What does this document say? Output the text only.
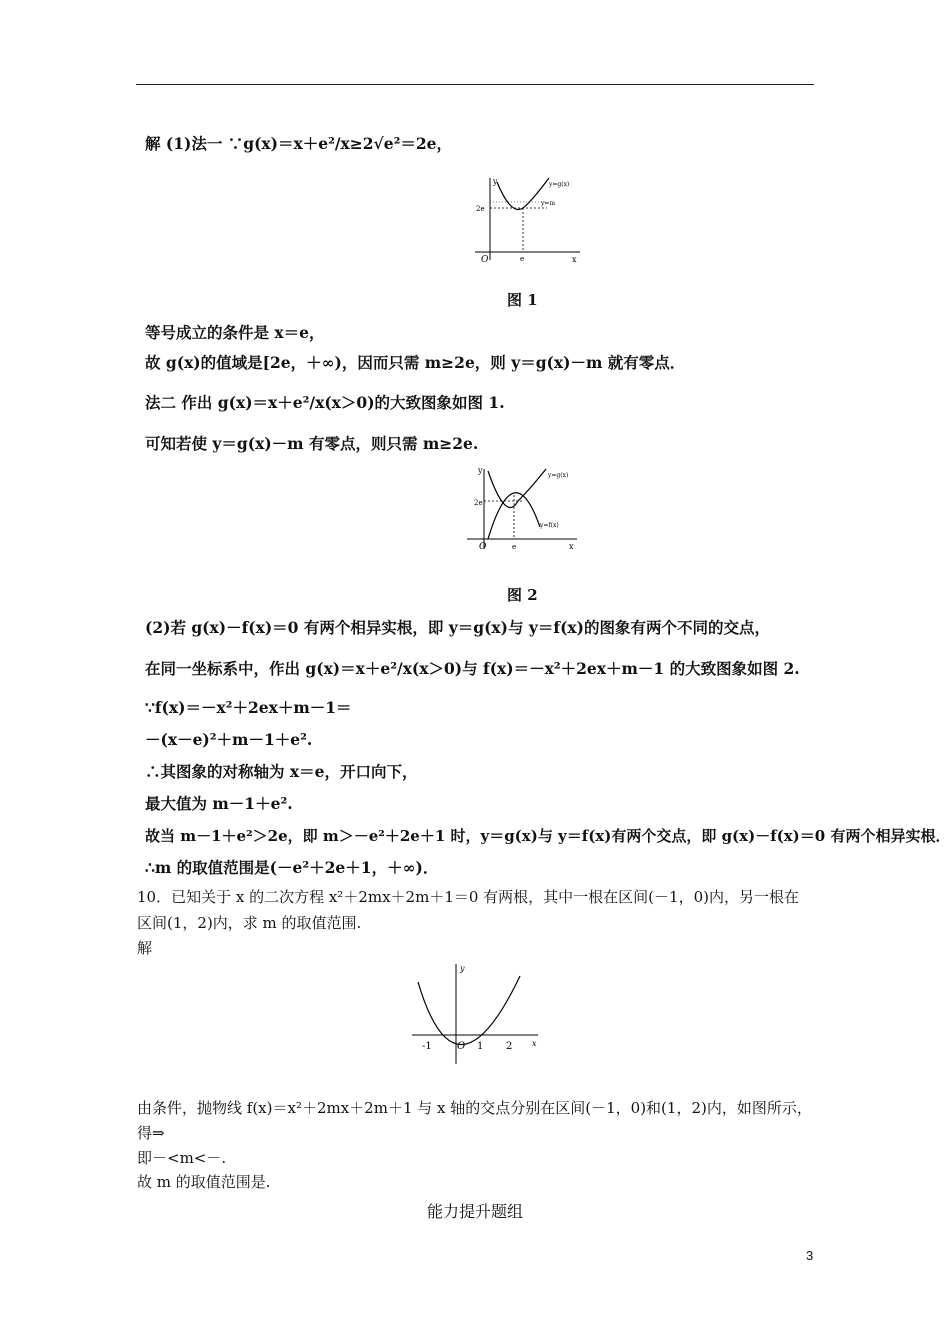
解 (1)法一 ∵g(x)＝x＋e²/x≥2√e²＝2e，
y
x
O	e
2e
y=g(x)
y=m
图 1
等号成立的条件是 x＝e，
故 g(x)的值域是[2e，＋∞)，因而只需 m≥2e，则 y＝g(x)－m 就有零点．
法二 作出 g(x)＝x＋e²/x(x＞0)的大致图象如图 1.
可知若使 y＝g(x)－m 有零点，则只需 m≥2e.
y
x
O	e
2e
y=g(x)
y=f(x)
图 2
(2)若 g(x)－f(x)＝0 有两个相异实根，即 y＝g(x)与 y＝f(x)的图象有两个不同的交点，
在同一坐标系中，作出 g(x)＝x＋e²/x(x＞0)与 f(x)＝－x²＋2ex＋m－1 的大致图象如图 2.
∵f(x)＝－x²＋2ex＋m－1＝
－(x－e)²＋m－1＋e².
∴其图象的对称轴为 x＝e，开口向下，
最大值为 m－1＋e².
故当 m－1＋e²＞2e，即 m＞－e²＋2e＋1 时，y＝g(x)与 y＝f(x)有两个交点，即 g(x)－f(x)＝0 有两个相异实根．
∴m 的取值范围是(－e²＋2e＋1，＋∞)．
10．已知关于 x 的二次方程 x²＋2mx＋2m＋1＝0 有两根，其中一根在区间(－1，0)内，另一根在
区间(1，2)内，求 m 的取值范围.
解
y
x
-1	O 1 2
由条件，抛物线 f(x)＝x²＋2mx＋2m＋1 与 x 轴的交点分别在区间(－1，0)和(1，2)内，如图所示，
得⇒
即－<m<－.
故 m 的取值范围是.
能力提升题组
3
